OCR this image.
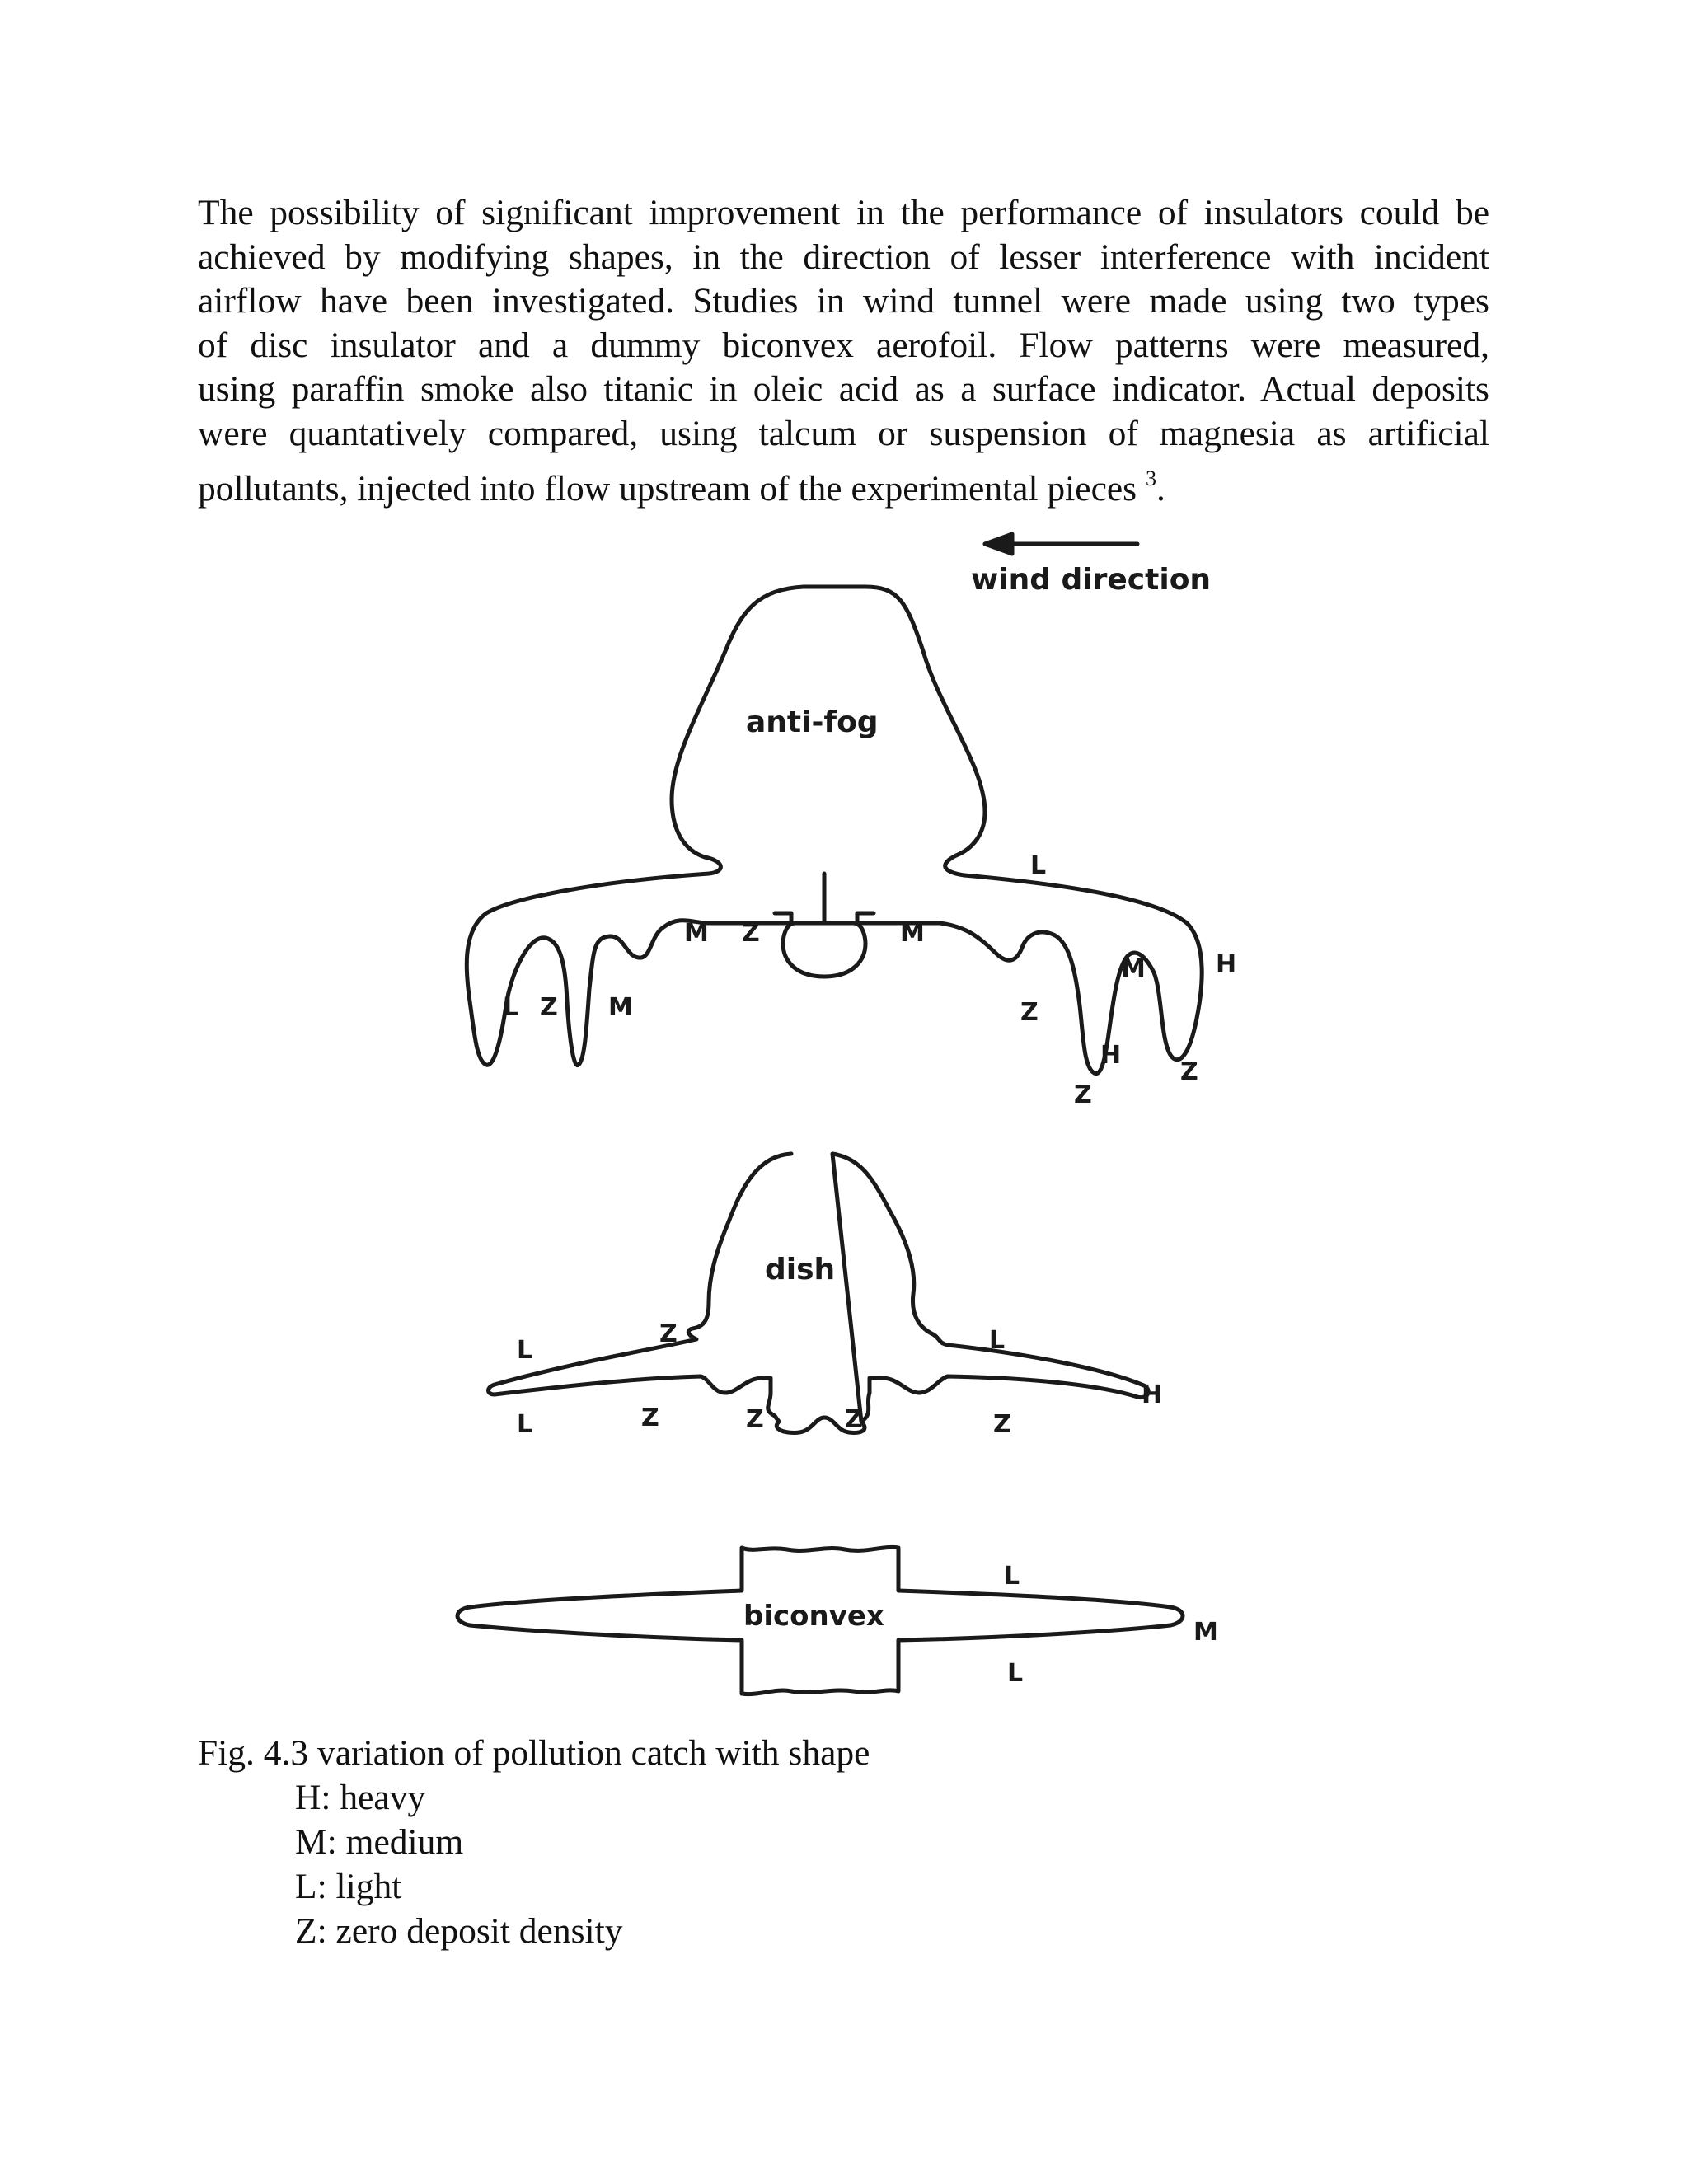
The possibility of significant improvement in the performance of insulators could be
achieved by modifying shapes, in the direction of lesser interference with incident
airflow have been investigated. Studies in wind tunnel were made using two types
of disc insulator and a dummy biconvex aerofoil. Flow patterns were measured,
using paraffin smoke also titanic in oleic acid as a surface indicator. Actual deposits
were quantatively compared, using talcum or suspension of magnesia as artificial
pollutants, injected into flow upstream of the experimental pieces $^3$.
wind direction
anti-fog
dish
biconvex
L
L Z M
M Z	M
Z
M
H
Z
H
Z
L
Z	L
L
H
Z	Z	Z	Z
L
M
L

Fig. 4.3 variation of pollution catch with shape

H: heavy
M: medium
L: light
Z: zero deposit density
